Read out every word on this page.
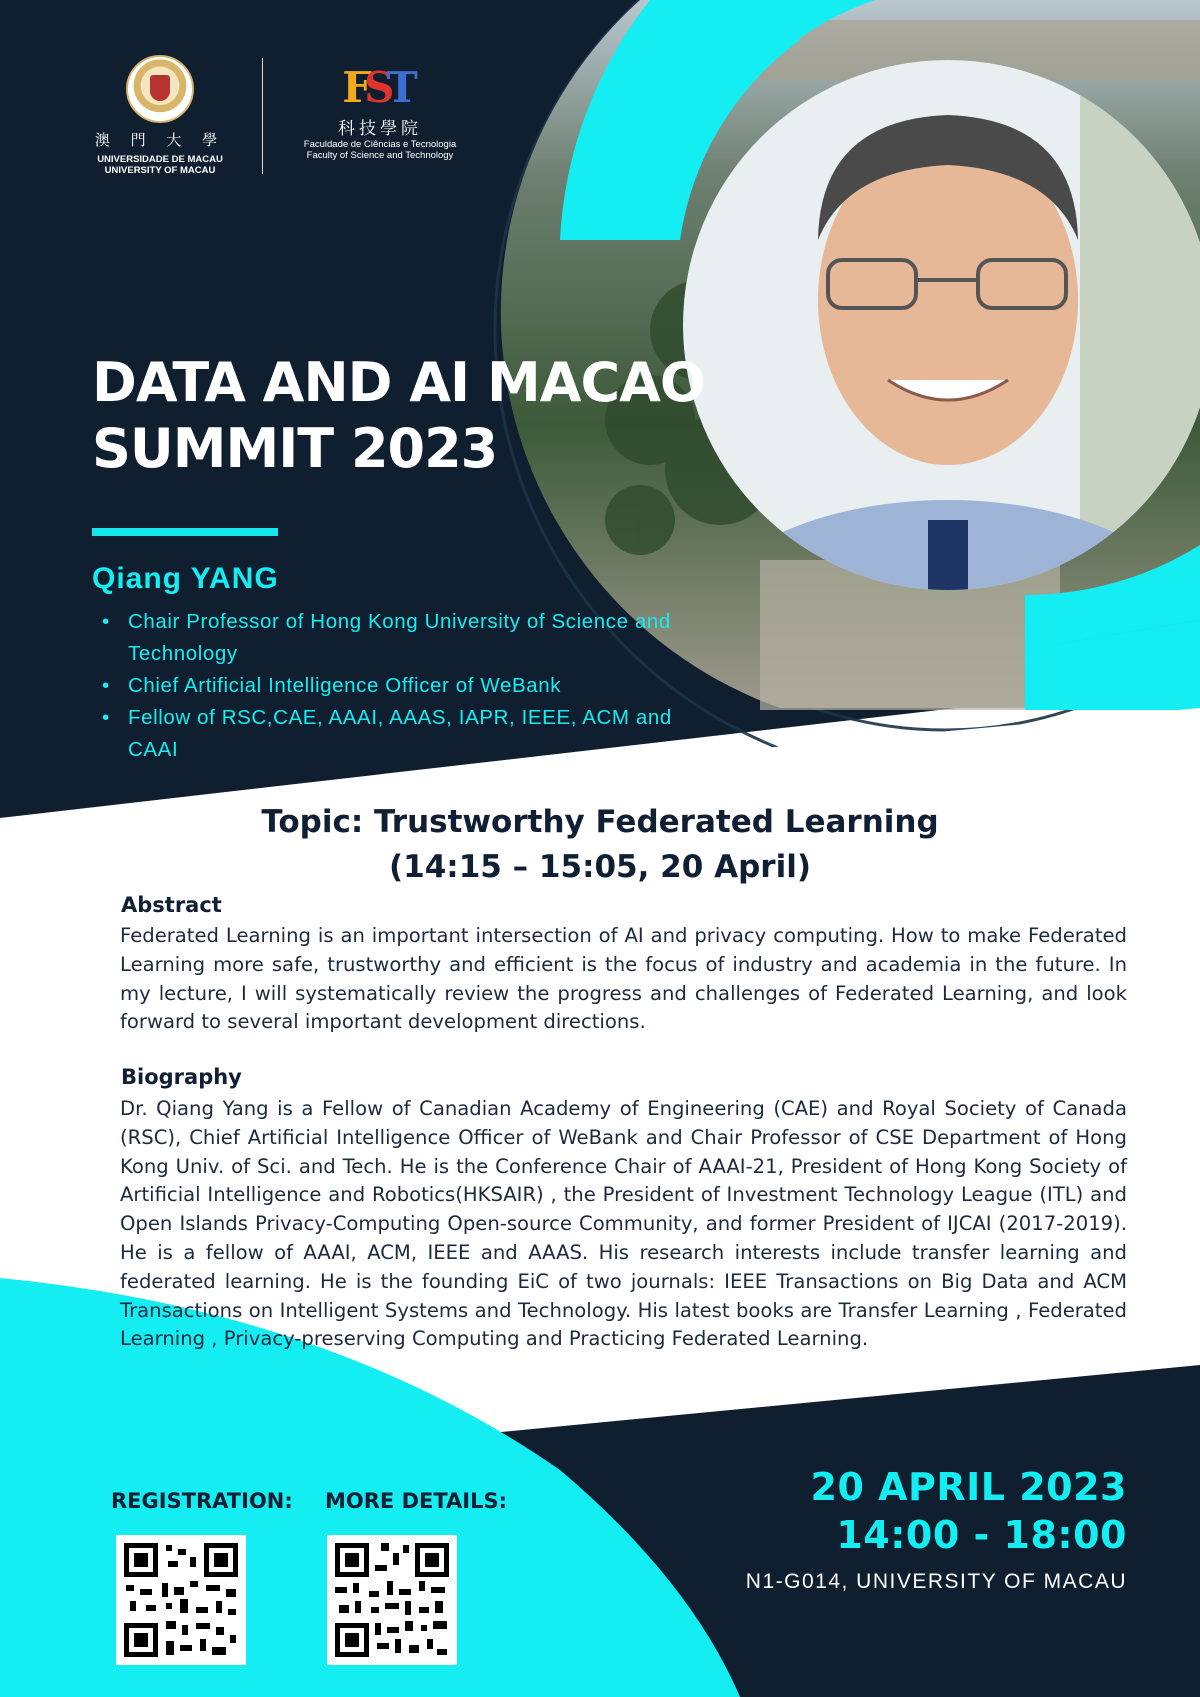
澳 門 大 學
UNIVERSIDADE DE MACAU
UNIVERSITY OF MACAU
FST
科技學院
Faculdade de Ciências e Tecnologia
Faculty of Science and Technology
DATA AND AI MACAO
SUMMIT 2023
Qiang YANG
• Chair Professor of Hong Kong University of Science and Technology
• Chief Artificial Intelligence Officer of WeBank
• Fellow of RSC,CAE, AAAI, AAAS, IAPR, IEEE, ACM and CAAI
Topic: Trustworthy Federated Learning
(14:15 – 15:05, 20 April)
Abstract
Federated Learning is an important intersection of AI and privacy computing. How to make Federated Learning more safe, trustworthy and efficient is the focus of industry and academia in the future. In my lecture, I will systematically review the progress and challenges of Federated Learning, and look forward to several important development directions.
Biography
Dr. Qiang Yang is a Fellow of Canadian Academy of Engineering (CAE) and Royal Society of Canada (RSC), Chief Artificial Intelligence Officer of WeBank and Chair Professor of CSE Department of Hong Kong Univ. of Sci. and Tech. He is the Conference Chair of AAAI-21, President of Hong Kong Society of Artificial Intelligence and Robotics(HKSAIR) , the President of Investment Technology League (ITL) and Open Islands Privacy-Computing Open-source Community, and former President of IJCAI (2017-2019). He is a fellow of AAAI, ACM, IEEE and AAAS. His research interests include transfer learning and federated learning. He is the founding EiC of two journals: IEEE Transactions on Big Data and ACM Transactions on Intelligent Systems and Technology. His latest books are Transfer Learning , Federated Learning , Privacy-preserving Computing and Practicing Federated Learning.
REGISTRATION: MORE DETAILS:	20 APRIL 2023
14:00 - 18:00
N1-G014, UNIVERSITY OF MACAU
